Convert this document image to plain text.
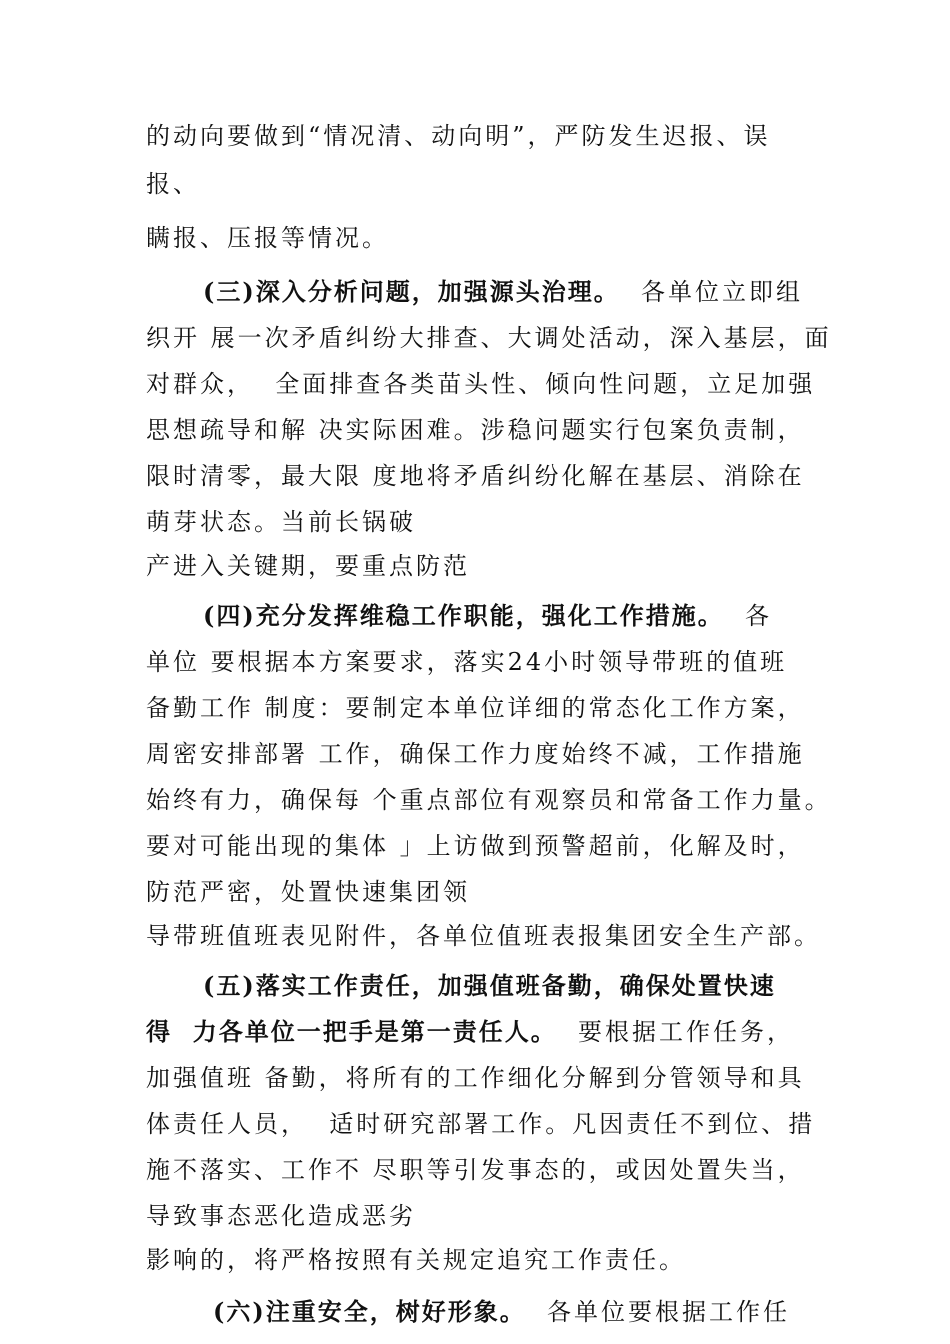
的动向要做到“情况清、动向明”，严防发生迟报、误
报、
瞒报、压报等情况。
(三)深入分析问题，加强源头治理。  各单位立即组
织开 展一次矛盾纠纷大排查、大调处活动，深入基层，面
对群众，  全面排查各类苗头性、倾向性问题，立足加强
思想疏导和解 决实际困难。涉稳问题实行包案负责制，
限时清零，最大限 度地将矛盾纠纷化解在基层、消除在
萌芽状态。当前长锅破
产进入关键期，要重点防范
(四)充分发挥维稳工作职能，强化工作措施。  各
单位 要根据本方案要求，落实24小时领导带班的值班
备勤工作 制度：要制定本单位详细的常态化工作方案，
周密安排部署 工作，确保工作力度始终不减，工作措施
始终有力，确保每 个重点部位有观察员和常备工作力量。
要对可能出现的集体 」上访做到预警超前，化解及时，
防范严密，处置快速集团领
导带班值班表见附件，各单位值班表报集团安全生产部。
(五)落实工作责任，加强值班备勤，确保处置快速
得  力各单位一把手是第一责任人。  要根据工作任务，
加强值班 备勤，将所有的工作细化分解到分管领导和具
体责任人员，  适时研究部署工作。凡因责任不到位、措
施不落实、工作不 尽职等引发事态的，或因处置失当，
导致事态恶化造成恶劣
影响的，将严格按照有关规定追究工作责任。
(六)注重安全，树好形象。  各单位要根据工作任
